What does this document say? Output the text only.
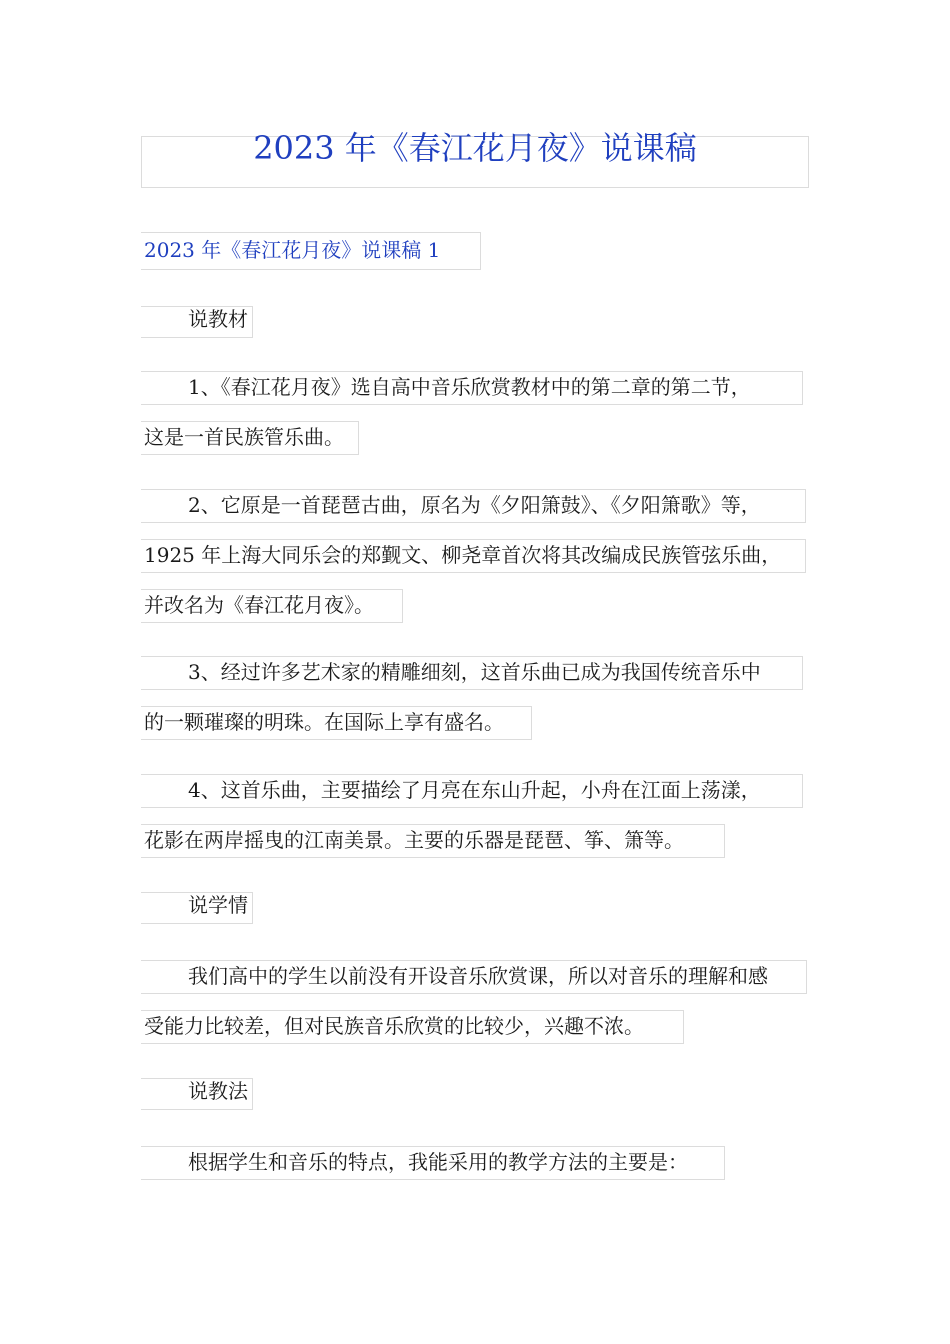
2023 年《春江花月夜》说课稿
2023 年《春江花月夜》说课稿 1
说教材
1、《春江花月夜》选自高中音乐欣赏教材中的第二章的第二节，
这是一首民族管乐曲。
2、它原是一首琵琶古曲，原名为《夕阳箫鼓》、《夕阳箫歌》等，
1925 年上海大同乐会的郑觐文、柳尧章首次将其改编成民族管弦乐曲，
并改名为《春江花月夜》。
3、经过许多艺术家的精雕细刻，这首乐曲已成为我国传统音乐中
的一颗璀璨的明珠。在国际上享有盛名。
4、这首乐曲，主要描绘了月亮在东山升起，小舟在江面上荡漾，
花影在两岸摇曳的江南美景。主要的乐器是琵琶、筝、箫等。
说学情
我们高中的学生以前没有开设音乐欣赏课，所以对音乐的理解和感
受能力比较差，但对民族音乐欣赏的比较少，兴趣不浓。
说教法
根据学生和音乐的特点，我能采用的教学方法的主要是：
